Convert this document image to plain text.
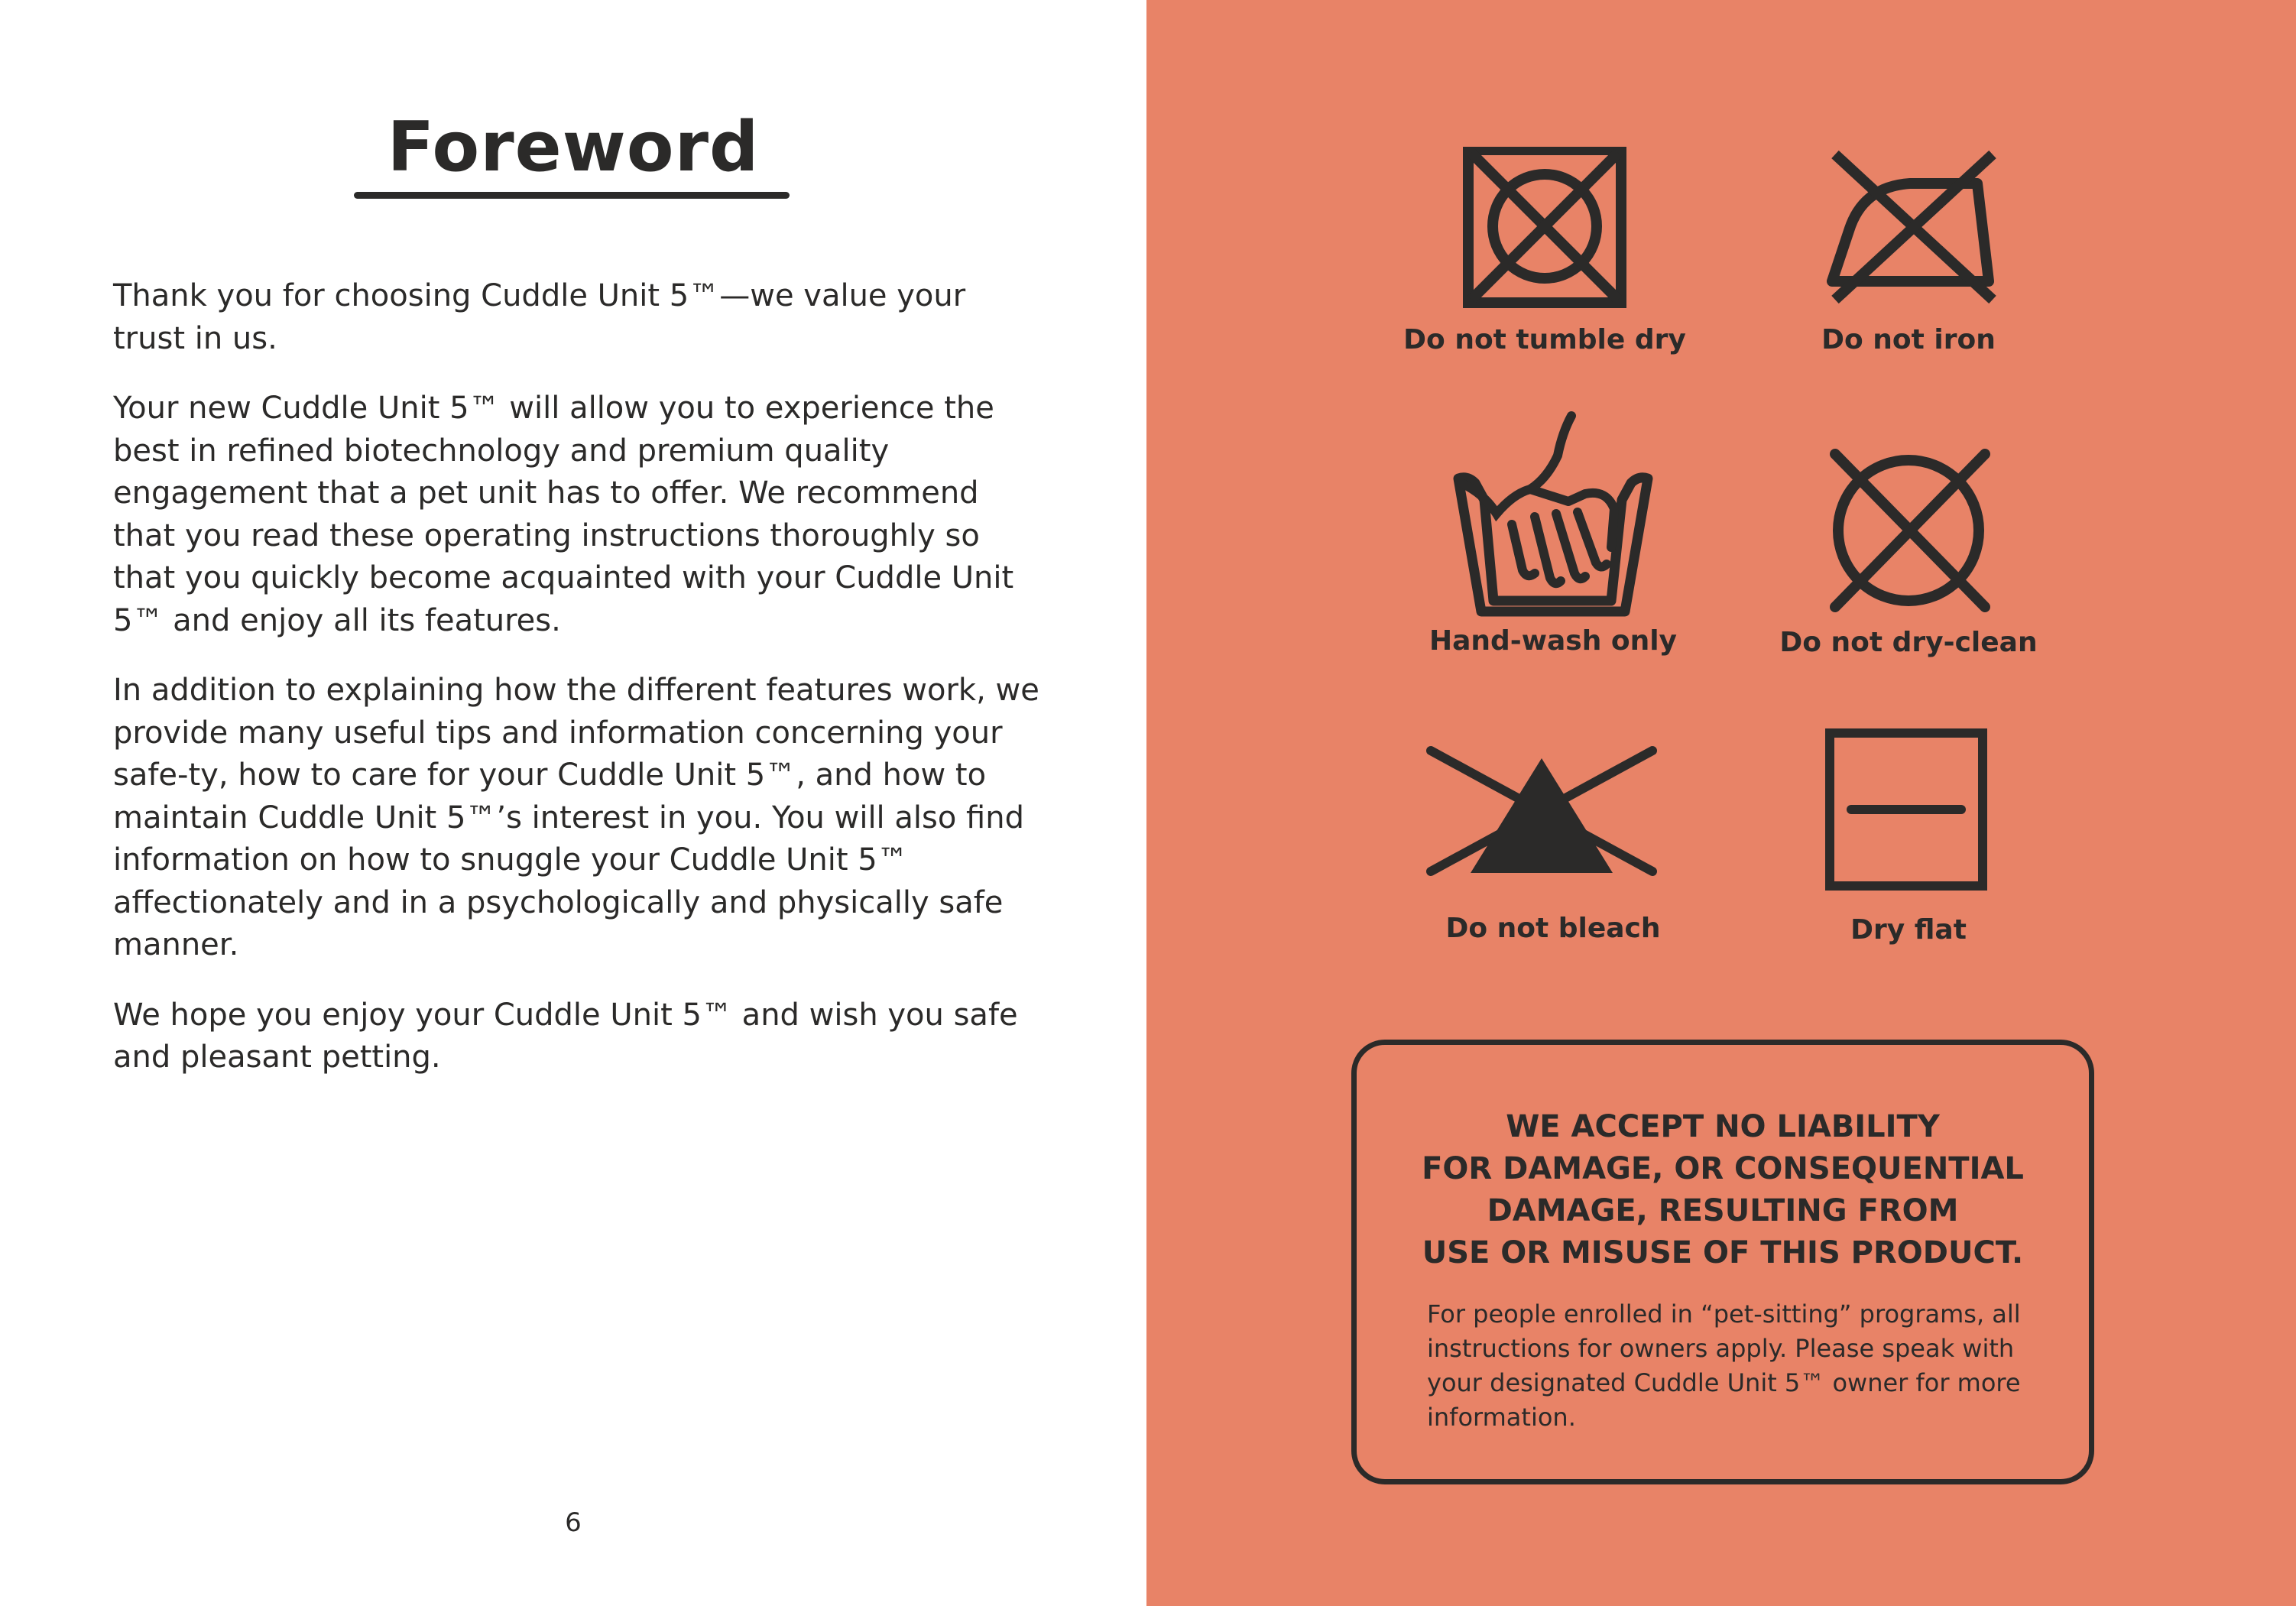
Foreword

Thank you for choosing Cuddle Unit 5™—we value your trust in us.

Your new Cuddle Unit 5™ will allow you to experience the best in refined biotechnology and premium quality engagement that a pet unit has to offer. We recommend that you read these operating instructions thoroughly so that you quickly become acquainted with your Cuddle Unit 5™ and enjoy all its features.

In addition to explaining how the different features work, we provide many useful tips and information concerning your safe-ty, how to care for your Cuddle Unit 5™, and how to maintain Cuddle Unit 5™’s interest in you. You will also find information on how to snuggle your Cuddle Unit 5™ affectionately and in a psychologically and physically safe manner.

We hope you enjoy your Cuddle Unit 5™ and wish you safe and pleasant petting.

6
Do not tumble dry	Do not iron
Hand-wash only	Do not dry-clean
Do not bleach	Dry flat
WE ACCEPT NO LIABILITY
FOR DAMAGE, OR CONSEQUENTIAL
DAMAGE, RESULTING FROM
USE OR MISUSE OF THIS PRODUCT.
For people enrolled in “pet-sitting” programs, all instructions for owners apply. Please speak with your designated Cuddle Unit 5™ owner for more information.
